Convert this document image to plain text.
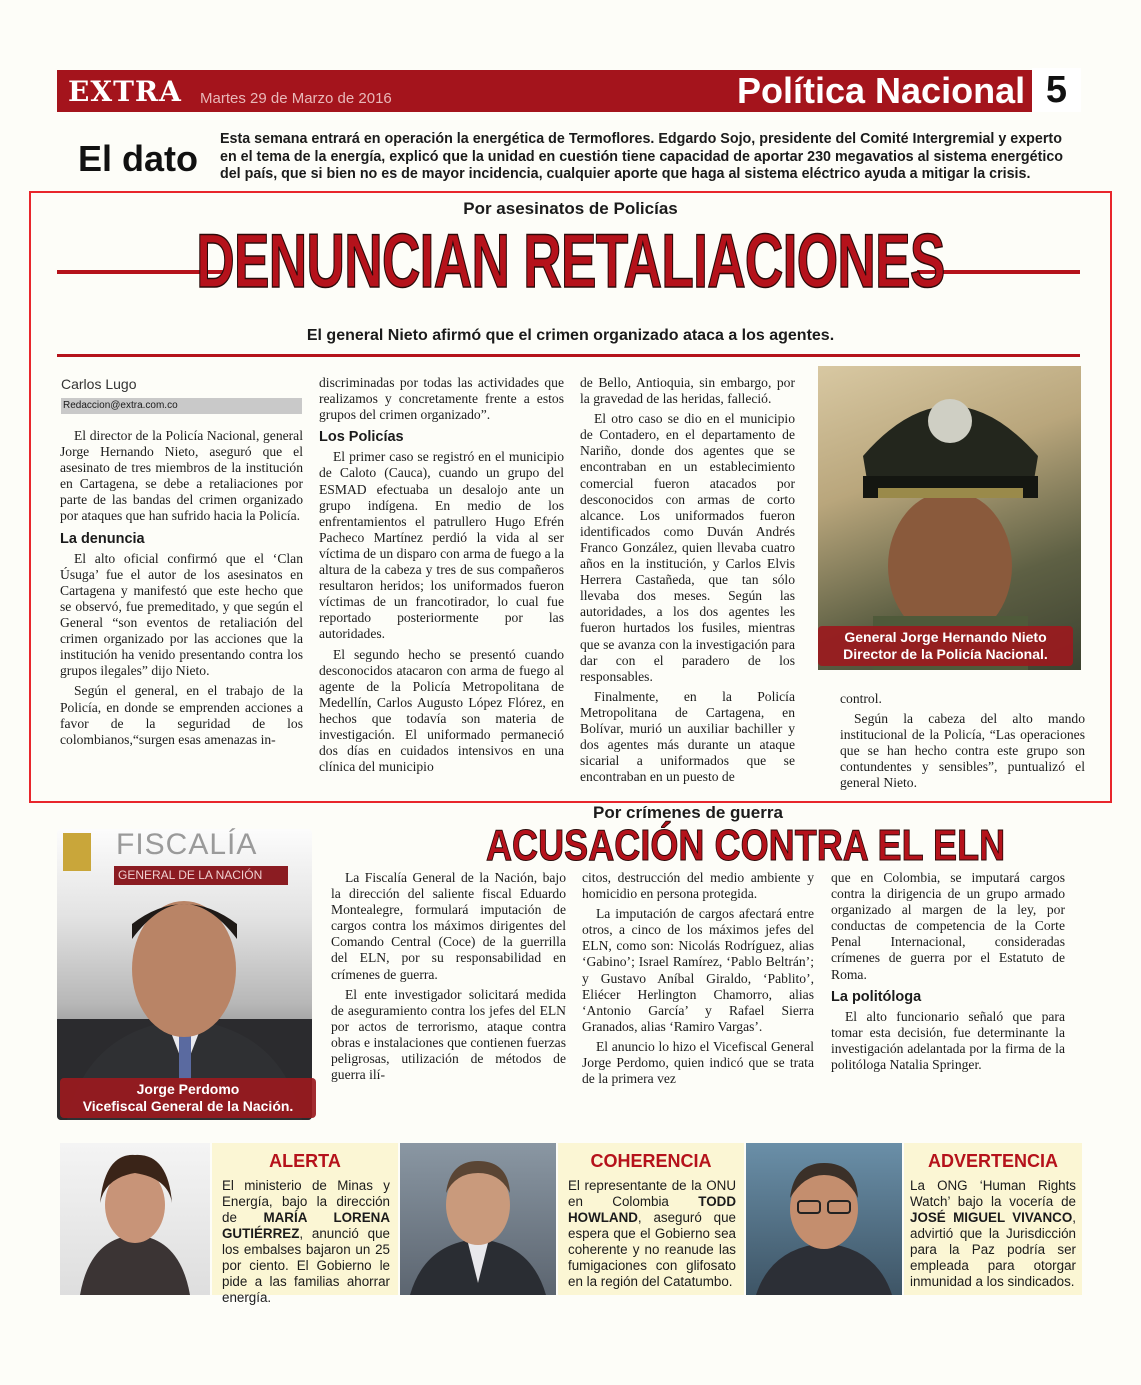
EXTRA Martes 29 de Marzo de 2016	Política Nacional 5
El dato Esta semana entrará en operación la energética de Termoflores. Edgardo Sojo, presidente del Comité Intergremial y experto en el tema de la energía, explicó que la unidad en cuestión tiene capacidad de aportar 230 megavatios al sistema energético del país, que si bien no es de mayor incidencia, cualquier aporte que haga al sistema eléctrico ayuda a mitigar la crisis.
Por asesinatos de Policías
DENUNCIAN RETALIACIONES
El general Nieto afirmó que el crimen organizado ataca a los agentes.
Carlos Lugo
Redaccion@extra.com.co

El director de la Policía Nacional, general Jorge Hernando Nieto, aseguró que el asesinato de tres miembros de la institución en Cartagena, se debe a retaliaciones por parte de las bandas del crimen organizado por ataques que han sufrido hacia la Policía.

La denuncia

El alto oficial confirmó que el ‘Clan Úsuga’ fue el autor de los asesinatos en Cartagena y manifestó que este hecho que se observó, fue premeditado, y que según el General “son eventos de retaliación del crimen organizado por las acciones que la institución ha venido presentando contra los grupos ilegales” dijo Nieto.

Según el general, en el trabajo de la Policía, en donde se emprenden acciones a favor de la seguridad de los colombianos,“surgen esas amenazas in-

discriminadas por todas las actividades que realizamos y concretamente frente a estos grupos del crimen organizado”.

Los Policías

El primer caso se registró en el municipio de Caloto (Cauca), cuando un grupo del ESMAD efectuaba un desalojo ante un grupo indígena. En medio de los enfrentamientos el patrullero Hugo Efrén Pacheco Martínez perdió la vida al ser víctima de un disparo con arma de fuego a la altura de la cabeza y tres de sus compañeros resultaron heridos; los uniformados fueron víctimas de un francotirador, lo cual fue reportado posteriormente por las autoridades.

El segundo hecho se presentó cuando desconocidos atacaron con arma de fuego al agente de la Policía Metropolitana de Medellín, Carlos Augusto López Flórez, en hechos que todavía son materia de investigación. El uniformado permaneció dos días en cuidados intensivos en una clínica del municipio

de Bello, Antioquia, sin embargo, por la gravedad de las heridas, falleció.

El otro caso se dio en el municipio de Contadero, en el departamento de Nariño, donde dos agentes que se encontraban en un establecimiento comercial fueron atacados por desconocidos con armas de corto alcance. Los uniformados fueron identificados como Duván Andrés Franco González, quien llevaba cuatro años en la institución, y Carlos Elvis Herrera Castañeda, que tan sólo llevaba dos meses. Según las autoridades, a los dos agentes les fueron hurtados los fusiles, mientras que se avanza con la investigación para dar con el paradero de los responsables.

Finalmente, en la Policía Metropolitana de Cartagena, en Bolívar, murió un auxiliar bachiller y dos agentes más durante un ataque sicarial a uniformados que se encontraban en un puesto de

control.

Según la cabeza del alto mando institucional de la Policía, “Las operaciones que se han hecho contra este grupo son contundentes y sensibles”, puntualizó el general Nieto.

General Jorge Hernando Nieto
Director de la Policía Nacional.
Por crímenes de guerra
ACUSACIÓN CONTRA EL ELN
FISCALÍA
GENERAL DE LA NACIÓN
Jorge Perdomo
Vicefiscal General de la Nación.

La Fiscalía General de la Nación, bajo la dirección del saliente fiscal Eduardo Montealegre, formulará imputación de cargos contra los máximos dirigentes del Comando Central (Coce) de la guerrilla del ELN, por su responsabilidad en crímenes de guerra.

El ente investigador solicitará medida de aseguramiento contra los jefes del ELN por actos de terrorismo, ataque contra obras e instalaciones que contienen fuerzas peligrosas, utilización de métodos de guerra ilí-

citos, destrucción del medio ambiente y homicidio en persona protegida.

La imputación de cargos afectará entre otros, a cinco de los máximos jefes del ELN, como son: Nicolás Rodríguez, alias ‘Gabino’; Israel Ramírez, ‘Pablo Beltrán’; y Gustavo Aníbal Giraldo, ‘Pablito’, Eliécer Herlington Chamorro, alias ‘Antonio García’ y Rafael Sierra Granados, alias ‘Ramiro Vargas’.

El anuncio lo hizo el Vicefiscal General Jorge Perdomo, quien indicó que se trata de la primera vez

que en Colombia, se imputará cargos contra la dirigencia de un grupo armado organizado al margen de la ley, por conductas de competencia de la Corte Penal Internacional, consideradas crímenes de guerra por el Estatuto de Roma.

La politóloga

El alto funcionario señaló que para tomar esta decisión, fue determinante la investigación adelantada por la firma de la politóloga Natalia Springer.

ALERTA
El ministerio de Minas y Energía, bajo la dirección de MARÍA LORENA GUTIÉRREZ, anunció que los embalses bajaron un 25 por ciento. El Gobierno le pide a las familias ahorrar energía.
COHERENCIA
El representante de la ONU en Colombia TODD HOWLAND, aseguró que espera que el Gobierno sea coherente y no reanude las fumigaciones con glifosato en la región del Catatumbo.
ADVERTENCIA
La ONG ‘Human Rights Watch’ bajo la vocería de JOSÉ MIGUEL VIVANCO, advirtió que la Jurisdicción para la Paz podría ser empleada para otorgar inmunidad a los sindicados.
